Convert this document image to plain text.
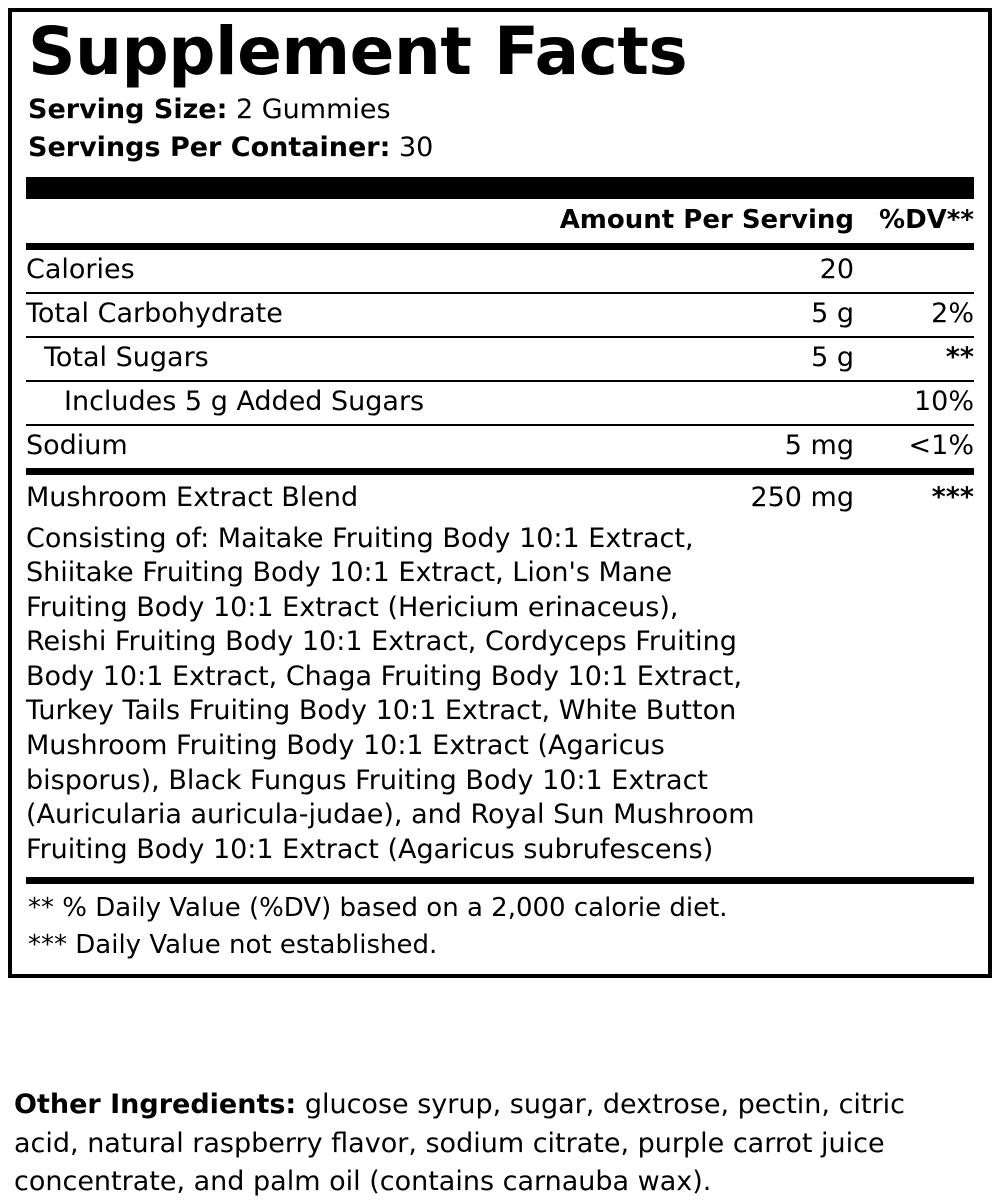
Supplement Facts
Serving Size: 2 Gummies
Servings Per Container: 30
	Amount Per Serving	%DV**
Calories	20	
Total Carbohydrate	5 g	2%
Total Sugars	5 g	**
Includes 5 g Added Sugars		10%
Sodium	5 mg	<1%
Mushroom Extract Blend	250 mg	***
Consisting of: Maitake Fruiting Body 10:1 Extract, Shiitake Fruiting Body 10:1 Extract, Lion's Mane Fruiting Body 10:1 Extract (Hericium erinaceus), Reishi Fruiting Body 10:1 Extract, Cordyceps Fruiting Body 10:1 Extract, Chaga Fruiting Body 10:1 Extract, Turkey Tails Fruiting Body 10:1 Extract, White Button Mushroom Fruiting Body 10:1 Extract (Agaricus bisporus), Black Fungus Fruiting Body 10:1 Extract (Auricularia auricula-judae), and Royal Sun Mushroom Fruiting Body 10:1 Extract (Agaricus subrufescens)
** % Daily Value (%DV) based on a 2,000 calorie diet.
*** Daily Value not established.
Other Ingredients: glucose syrup, sugar, dextrose, pectin, citric acid, natural raspberry flavor, sodium citrate, purple carrot juice concentrate, and palm oil (contains carnauba wax).
